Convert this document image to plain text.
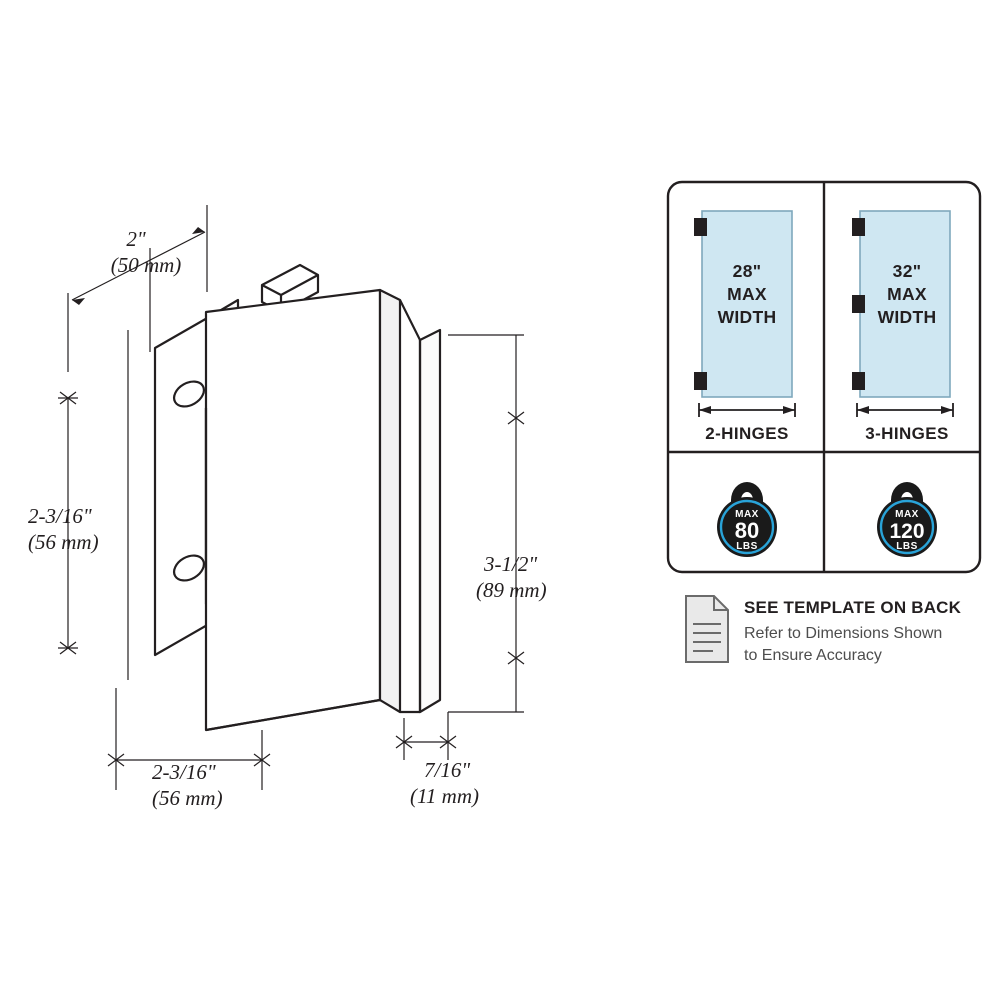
2"
(50 mm)
2-3/16"
(56 mm)
2-3/16"
(56 mm)
7/16"
(11 mm)
3-1/2"
(89 mm)
28"
MAX
WIDTH
2-HINGES
32"
MAX
WIDTH
3-HINGES
MAX
80
LBS
MAX
120
LBS
SEE TEMPLATE ON BACK
Refer to Dimensions Shown
to Ensure Accuracy
